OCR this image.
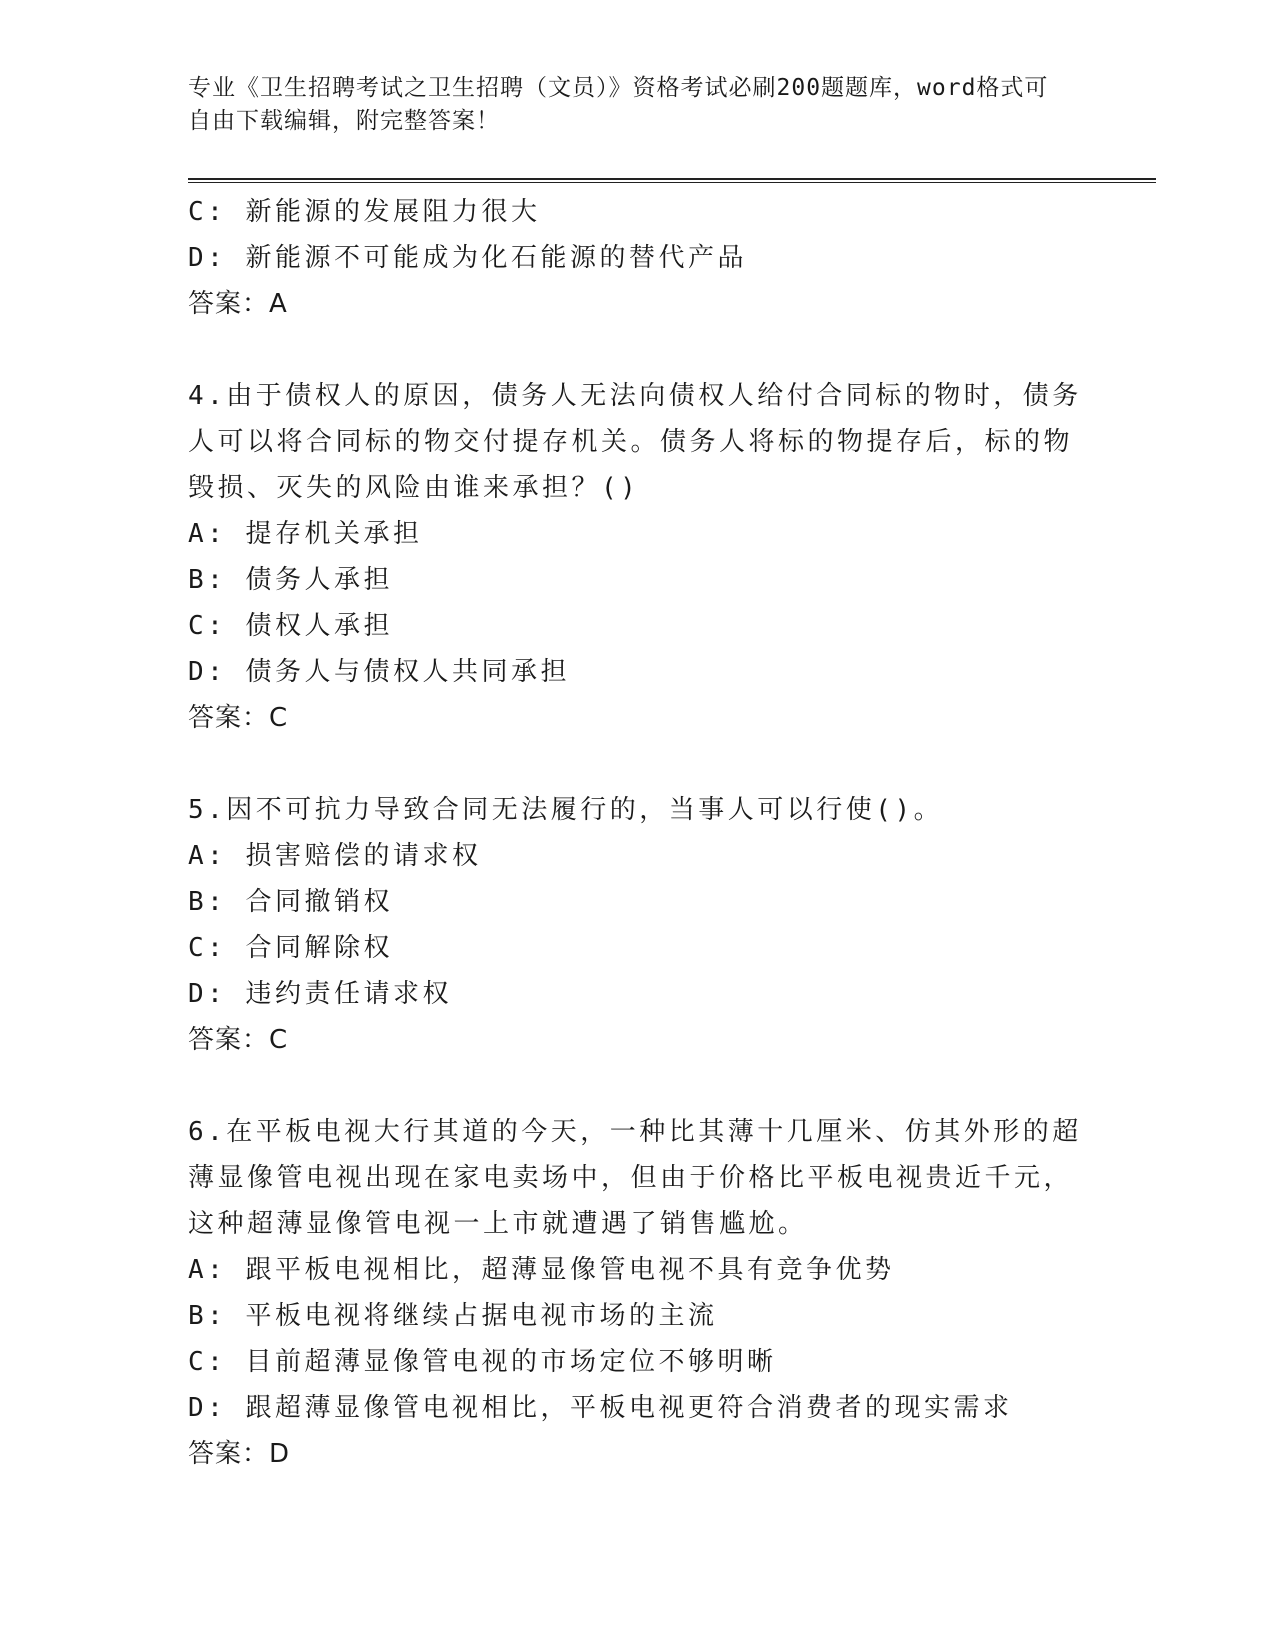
专业《卫生招聘考试之卫生招聘（文员）》资格考试必刷200题题库，word格式可自由下载编辑，附完整答案！
C: 新能源的发展阻力很大
D: 新能源不可能成为化石能源的替代产品
答案：A
4.由于债权人的原因，债务人无法向债权人给付合同标的物时，债务
人可以将合同标的物交付提存机关。债务人将标的物提存后，标的物
毁损、灭失的风险由谁来承担？()
A: 提存机关承担
B: 债务人承担
C: 债权人承担
D: 债务人与债权人共同承担
答案：C
5.因不可抗力导致合同无法履行的，当事人可以行使()。
A: 损害赔偿的请求权
B: 合同撤销权
C: 合同解除权
D: 违约责任请求权
答案：C
6.在平板电视大行其道的今天，一种比其薄十几厘米、仿其外形的超
薄显像管电视出现在家电卖场中，但由于价格比平板电视贵近千元，
这种超薄显像管电视一上市就遭遇了销售尴尬。
A: 跟平板电视相比，超薄显像管电视不具有竞争优势
B: 平板电视将继续占据电视市场的主流
C: 目前超薄显像管电视的市场定位不够明晰
D: 跟超薄显像管电视相比，平板电视更符合消费者的现实需求
答案：D
